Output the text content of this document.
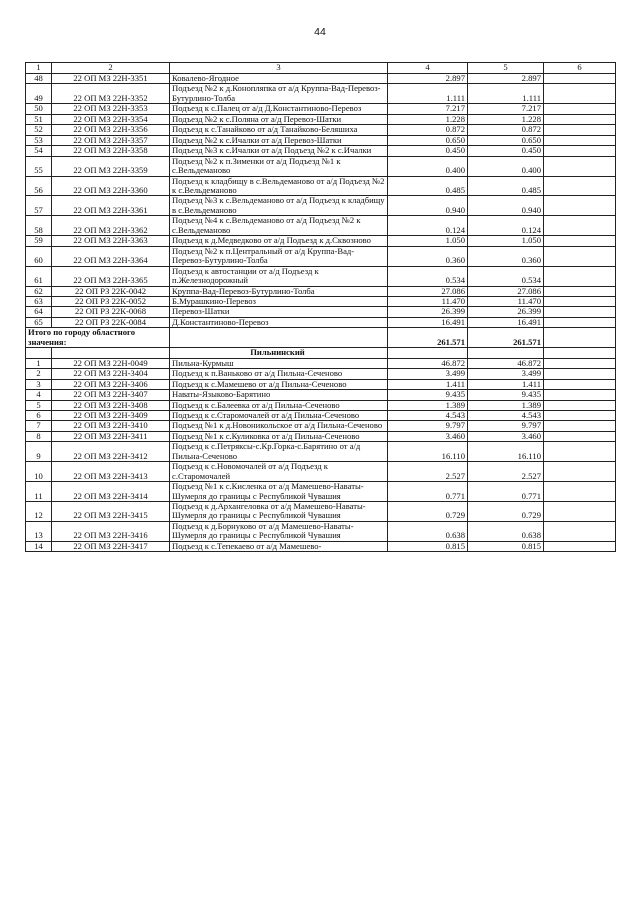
44
1	2	3	4	5	6
48	22 ОП МЗ 22Н-3351	Ковалево-Ягодное	2.897	2.897	
49	22 ОП МЗ 22Н-3352	Подъезд №2 к д.Конопляпка от а/д Круппа-Вад-Перевоз-Бутурлино-Толба	1.111	1.111	
50	22 ОП МЗ 22Н-3353	Подъезд к с.Палец от а/д Д.Константиново-Перевоз	7.217	7.217	
51	22 ОП МЗ 22Н-3354	Подъезд №2 к с.Поляна от а/д Перевоз-Шатки	1.228	1.228	
52	22 ОП МЗ 22Н-3356	Подъезд к с.Танайково от а/д Танайково-Беляшиха	0.872	0.872	
53	22 ОП МЗ 22Н-3357	Подъезд №2 к с.Ичалки от а/д Перевоз-Шатки	0.650	0.650	
54	22 ОП МЗ 22Н-3358	Подъезд №3 к с.Ичалки от а/д Подъезд №2 к с.Ичалки	0.450	0.450	
55	22 ОП МЗ 22Н-3359	Подъезд №2 к п.Зименки от а/д Подъезд №1 к с.Вельдеманово	0.400	0.400	
56	22 ОП МЗ 22Н-3360	Подъезд к кладбищу в с.Вельдеманово от а/д Подъезд №2 к с.Вельдеманово	0.485	0.485	
57	22 ОП МЗ 22Н-3361	Подъезд №3 к с.Вельдеманово от а/д Подъезд к кладбищу в с.Вельдеманово	0.940	0.940	
58	22 ОП МЗ 22Н-3362	Подъезд №4 к с.Вельдеманово от а/д Подъезд №2 к с.Вельдеманово	0.124	0.124	
59	22 ОП МЗ 22Н-3363	Подъезд к д.Медведково от а/д Подъезд к д.Сквозново	1.050	1.050	
60	22 ОП МЗ 22Н-3364	Подъезд №2 к п.Центральный от а/д Круппа-Вад-Перевоз-Бутурлино-Толба	0.360	0.360	
61	22 ОП МЗ 22Н-3365	Подъезд к автостанции от а/д Подъезд к п.Железнодорожный	0.534	0.534	
62	22 ОП РЗ 22К-0042	Круппа-Вад-Перевоз-Бутурлино-Толба	27.086	27.086	
63	22 ОП РЗ 22К-0052	Б.Мурашкино-Перевоз	11.470	11.470	
64	22 ОП РЗ 22К-0068	Перевоз-Шатки	26.399	26.399	
65	22 ОП РЗ 22К-0084	Д.Константиново-Перевоз	16.491	16.491	
Итого по городу областного значения:			261.571	261.571	
		Пильнинский			
1	22 ОП МЗ 22Н-0049	Пильна-Курмыш	46.872	46.872	
2	22 ОП МЗ 22Н-3404	Подъезд к п.Ваньково от а/д Пильна-Сеченово	3.499	3.499	
3	22 ОП МЗ 22Н-3406	Подъезд к с.Мамешево от а/д Пильна-Сеченово	1.411	1.411	
4	22 ОП МЗ 22Н-3407	Наваты-Языково-Барятино	9.435	9.435	
5	22 ОП МЗ 22Н-3408	Подъезд к с.Балеевка от а/д Пильна-Сеченово	1.389	1.389	
6	22 ОП МЗ 22Н-3409	Подъезд к с.Старомочалей от а/д Пильна-Сеченово	4.543	4.543	
7	22 ОП МЗ 22Н-3410	Подъезд №1 к д.Новоникольское от а/д Пильна-Сеченово	9.797	9.797	
8	22 ОП МЗ 22Н-3411	Подъезд №1 к с.Куликовка от а/д Пильна-Сеченово	3.460	3.460	
9	22 ОП МЗ 22Н-3412	Подъезд к с.Петряксы-с.Кр.Горка-с.Барятино от а/д Пильна-Сеченово	16.110	16.110	
10	22 ОП МЗ 22Н-3413	Подъезд к с.Новомочалей от а/д Подъезд к с.Старомочалей	2.527	2.527	
11	22 ОП МЗ 22Н-3414	Подъезд №1 к с.Кисленка от а/д Мамешево-Наваты-Шумерля до границы с Республикой Чувашия	0.771	0.771	
12	22 ОП МЗ 22Н-3415	Подъезд к д.Архангеловка от а/д Мамешево-Наваты-Шумерля до границы с Республикой Чувашия	0.729	0.729	
13	22 ОП МЗ 22Н-3416	Подъезд к д.Борнуково от а/д Мамешево-Наваты-Шумерля до границы с Республикой Чувашия	0.638	0.638	
14	22 ОП МЗ 22Н-3417	Подъезд к с.Тепекаево от а/д Мамешево-	0.815	0.815	
